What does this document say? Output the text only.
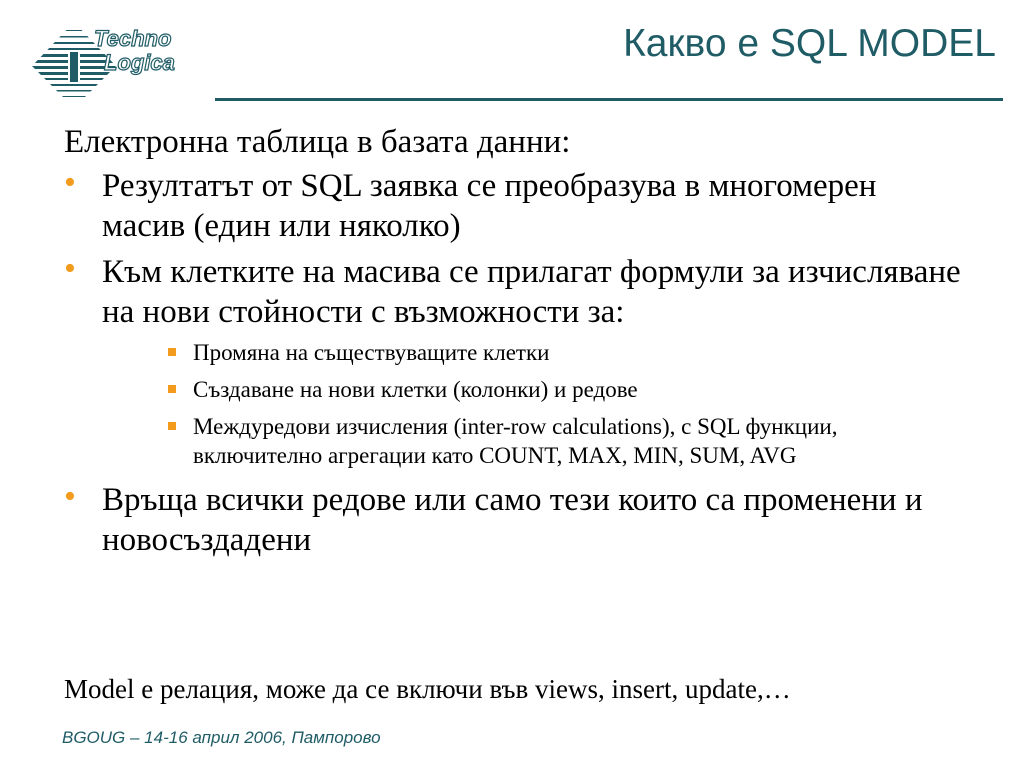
Techno
Logica	Какво е SQL MODEL

Електронна таблица в базата данни:

• Резултатът от SQL заявка се преобразува в многомерен масив (един или няколко)
• Към клетките на масива се прилагат формули за изчисляване на нови стойности с възможности за:
Промяна на съществуващите клетки
Създаване на нови клетки (колонки) и редове
Междуредови изчисления (inter-row calculations), с SQL функции, включително агрегации като COUNT, MAX, MIN, SUM, AVG
• Връща всички редове или само тези които са променени и новосъздадени
Model е релация, може да се включи във views, insert, update,…
BGOUG – 14-16 април 2006, Пампорово
